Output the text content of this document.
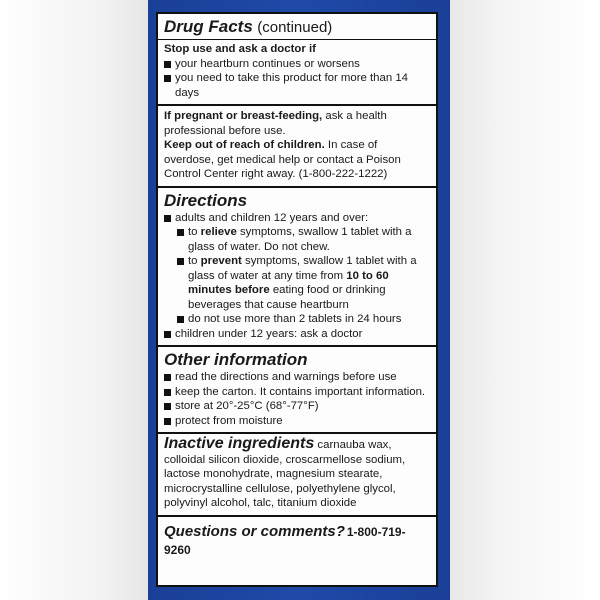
Drug Facts (continued)
Stop use and ask a doctor if
your heartburn continues or worsens
you need to take this product for more than 14 days
If pregnant or breast-feeding, ask a health professional before use.
Keep out of reach of children. In case of overdose, get medical help or contact a Poison Control Center right away. (1-800-222-1222)
Directions
adults and children 12 years and over:
to relieve symptoms, swallow 1 tablet with a glass of water. Do not chew.
to prevent symptoms, swallow 1 tablet with a glass of water at any time from 10 to 60 minutes before eating food or drinking beverages that cause heartburn
do not use more than 2 tablets in 24 hours
children under 12 years: ask a doctor
Other information
read the directions and warnings before use
keep the carton. It contains important information.
store at 20°-25°C (68°-77°F)
protect from moisture
Inactive ingredients carnauba wax, colloidal silicon dioxide, croscarmellose sodium, lactose monohydrate, magnesium stearate, microcrystalline cellulose, polyethylene glycol, polyvinyl alcohol, talc, titanium dioxide
Questions or comments? 1-800-719-9260
